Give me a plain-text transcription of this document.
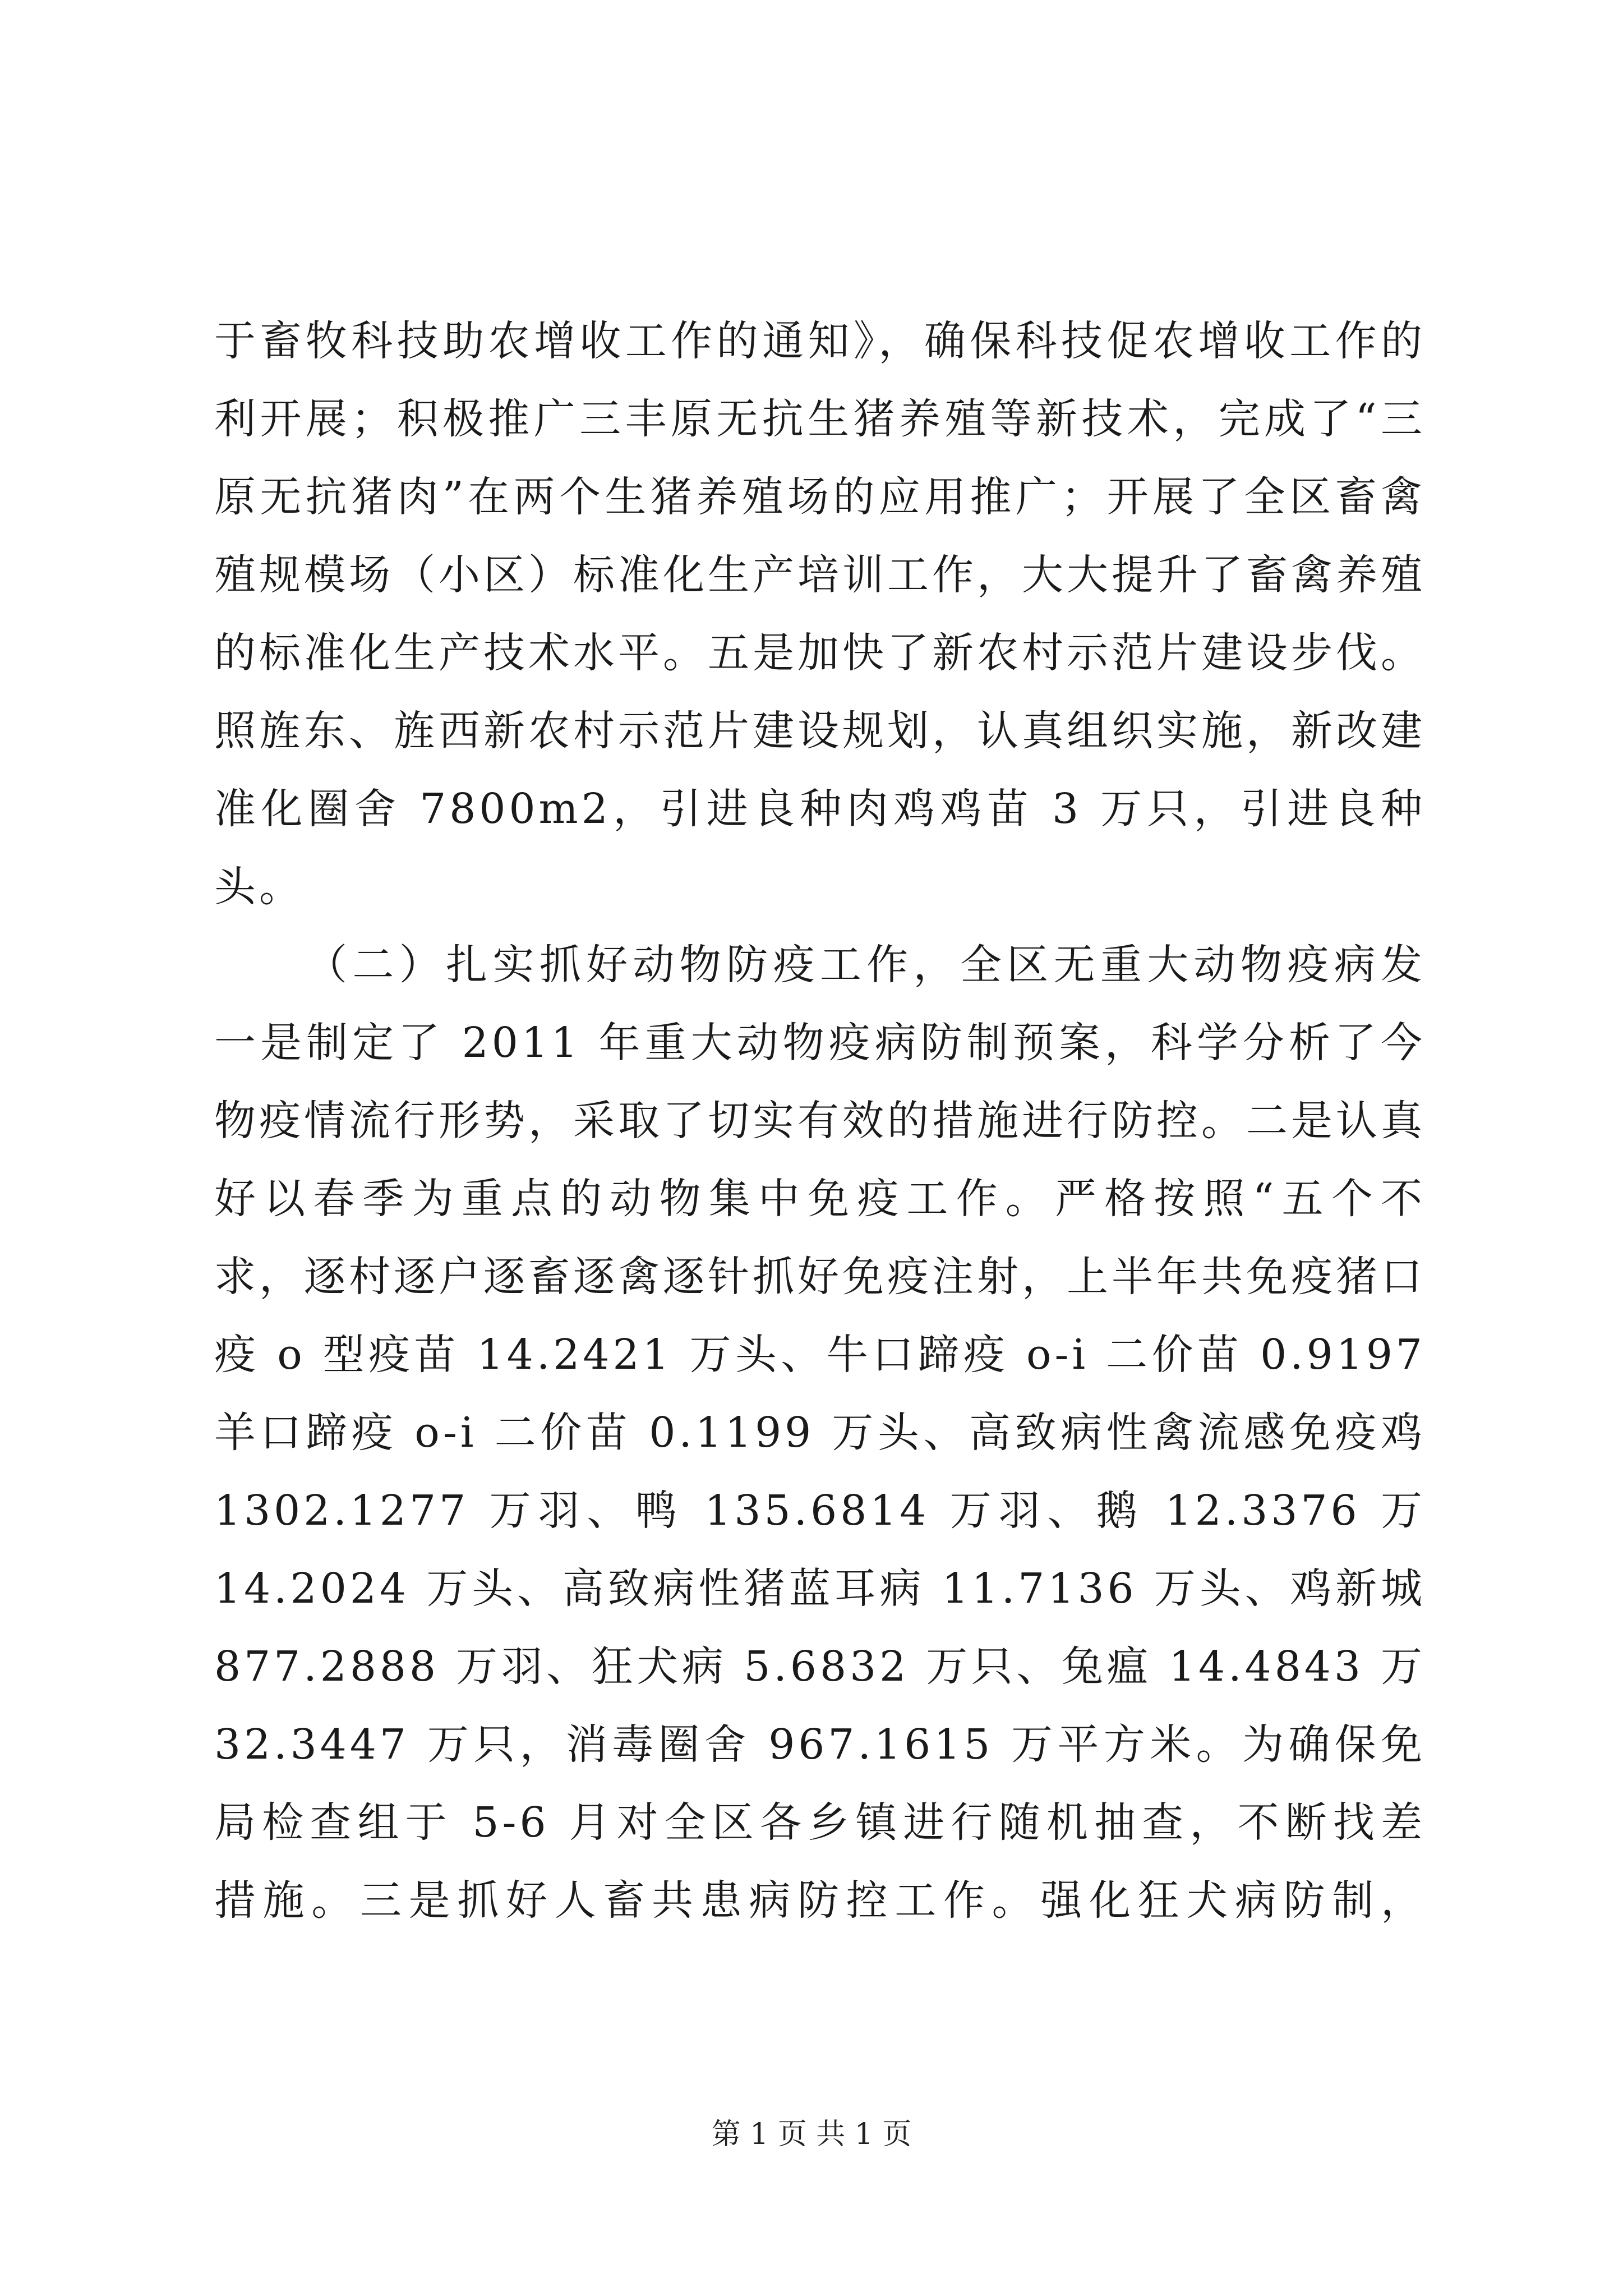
于畜牧科技助农增收工作的通知》，确保科技促农增收工作的
利开展；积极推广三丰原无抗生猪养殖等新技术，完成了“三
原无抗猪肉”在两个生猪养殖场的应用推广；开展了全区畜禽
殖规模场（小区）标准化生产培训工作，大大提升了畜禽养殖
的标准化生产技术水平。五是加快了新农村示范片建设步伐。
照旌东、旌西新农村示范片建设规划，认真组织实施，新改建
准化圈舍 7800m2，引进良种肉鸡鸡苗 3 万只，引进良种
头。
（二）扎实抓好动物防疫工作，全区无重大动物疫病发
一是制定了 2011 年重大动物疫病防制预案，科学分析了今
物疫情流行形势，采取了切实有效的措施进行防控。二是认真
好以春季为重点的动物集中免疫工作。严格按照“五个不
求，逐村逐户逐畜逐禽逐针抓好免疫注射，上半年共免疫猪口
疫 o 型疫苗 14.2421 万头、牛口蹄疫 o-i 二价苗 0.9197
羊口蹄疫 o-i 二价苗 0.1199 万头、高致病性禽流感免疫鸡
1302.1277 万羽、鸭 135.6814 万羽、鹅 12.3376 万
14.2024 万头、高致病性猪蓝耳病 11.7136 万头、鸡新城
877.2888 万羽、狂犬病 5.6832 万只、兔瘟 14.4843 万
32.3447 万只，消毒圈舍 967.1615 万平方米。为确保免
局检查组于 5-6 月对全区各乡镇进行随机抽查，不断找差
措施。三是抓好人畜共患病防控工作。强化狂犬病防制，
第 1 页 共 1 页
